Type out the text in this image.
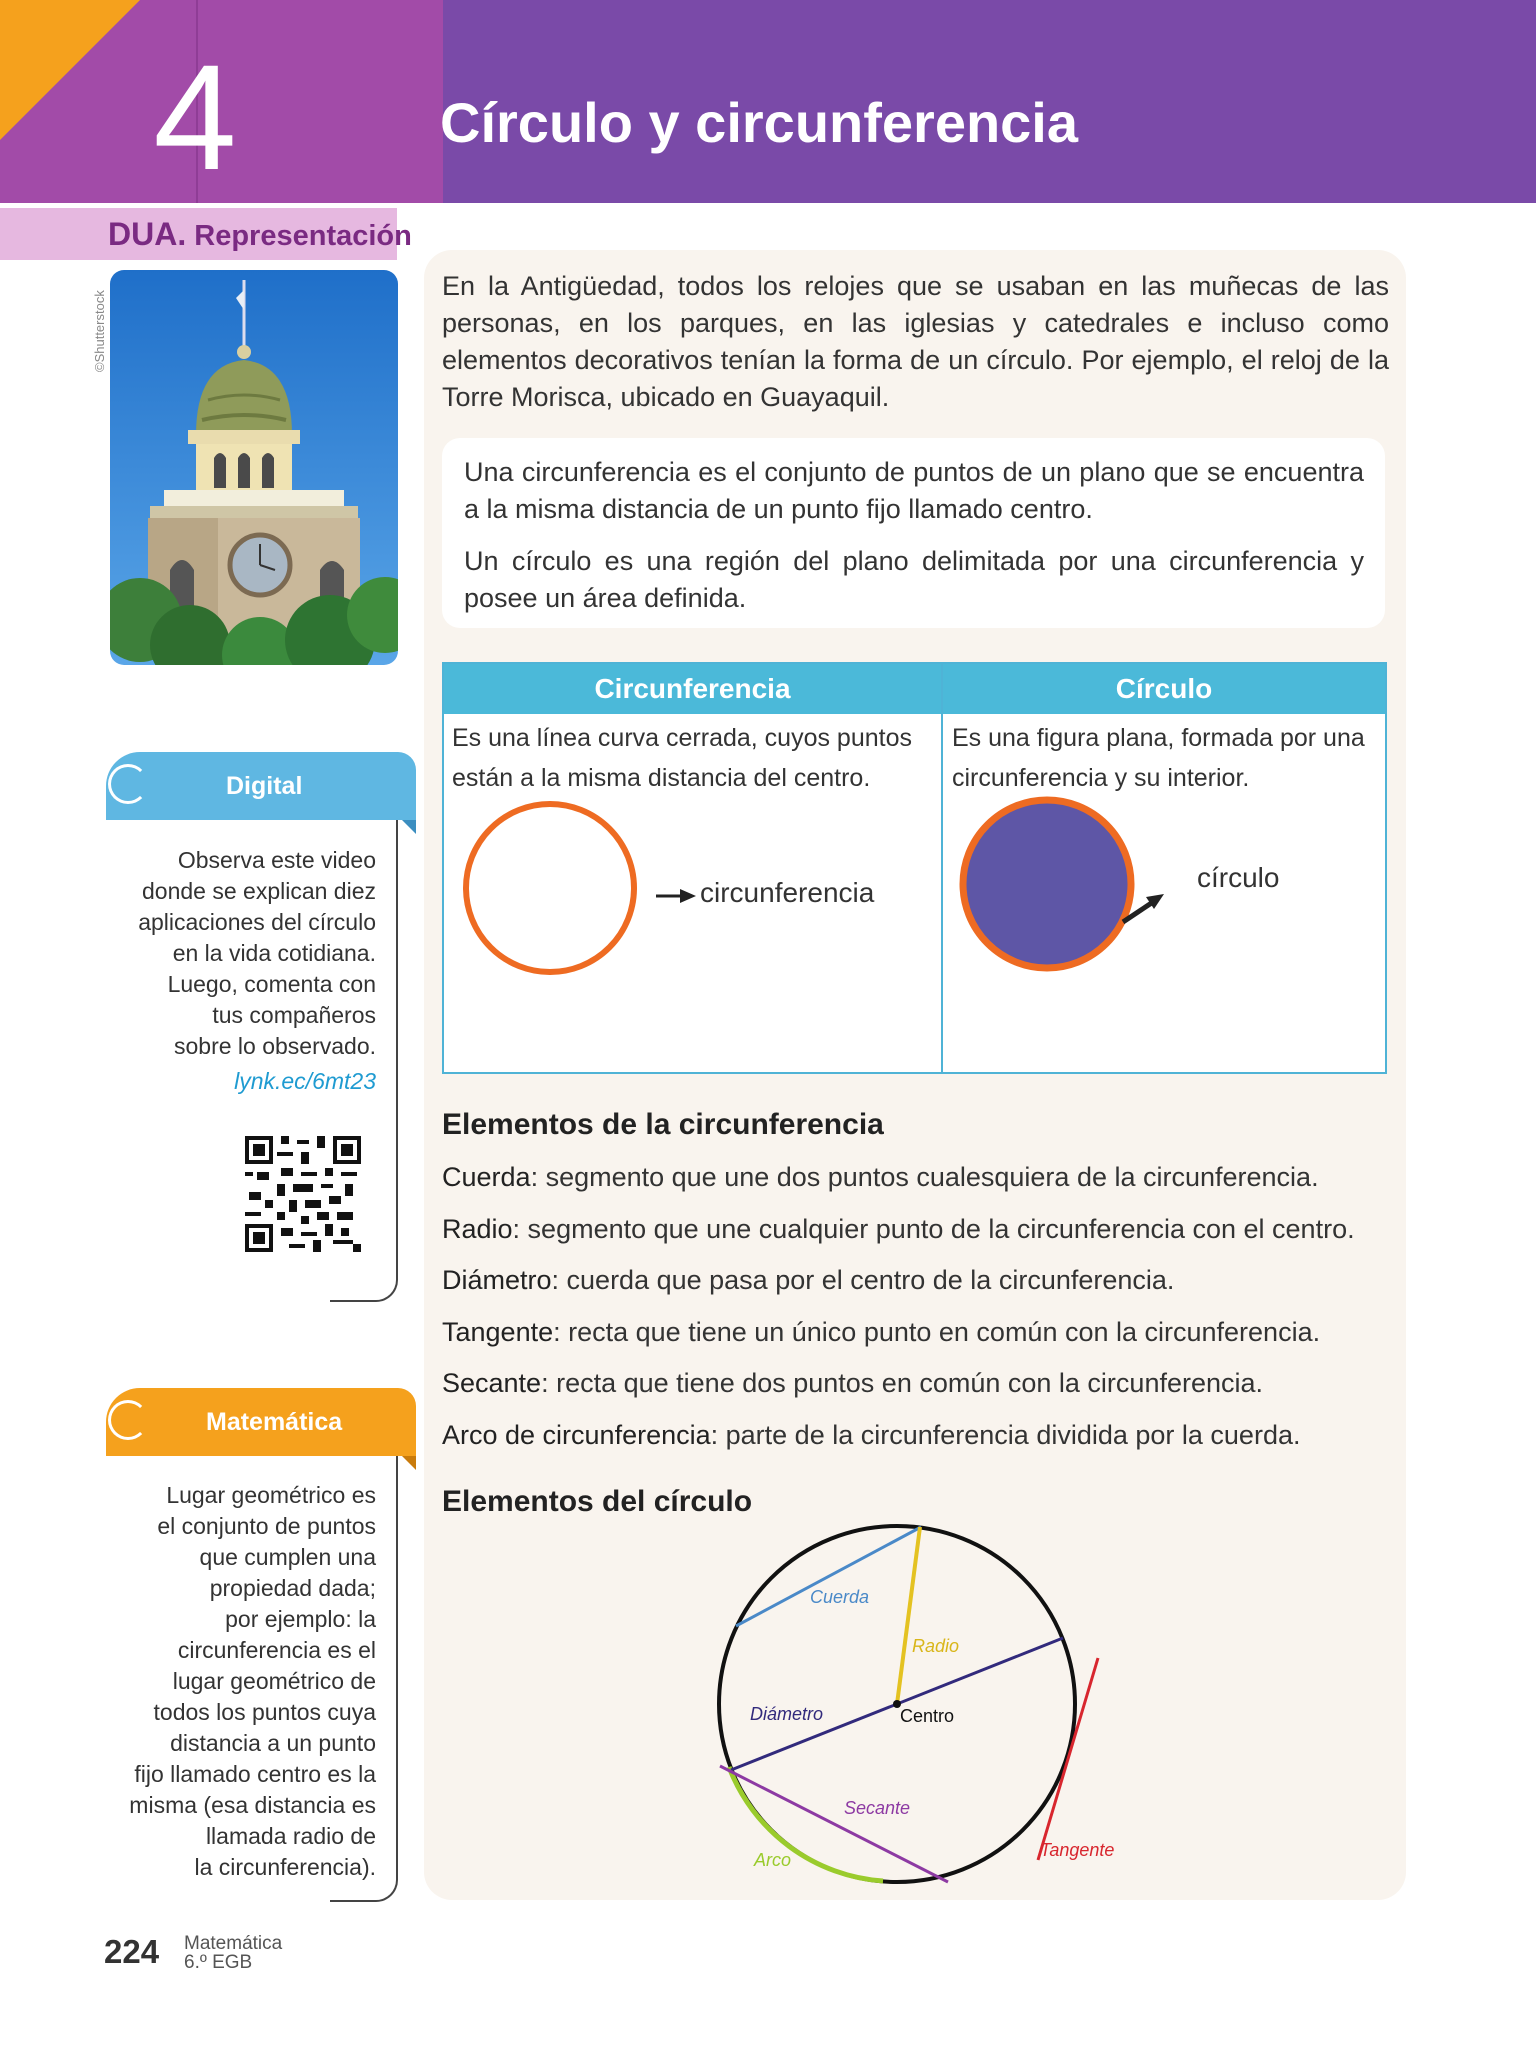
4	Círculo y circunferencia
DUA. Representación
©Shutterstock
Digital
Observa este video
donde se explican diez
aplicaciones del círculo
en la vida cotidiana.
Luego, comenta con
tus compañeros
sobre lo observado.
lynk.ec/6mt23
Matemática
Lugar geométrico es
el conjunto de puntos
que cumplen una
propiedad dada;
por ejemplo: la
circunferencia es el
lugar geométrico de
todos los puntos cuya
distancia a un punto
fijo llamado centro es la
misma (esa distancia es
llamada radio de
la circunferencia).
En la Antigüedad, todos los relojes que se usaban en las muñecas de las personas, en los parques, en las iglesias y catedrales e incluso como elementos decorativos tenían la forma de un círculo. Por ejemplo, el reloj de la Torre Morisca, ubicado en Guayaquil.
Una circunferencia es el conjunto de puntos de un plano que se encuentra a la misma distancia de un punto fijo llamado centro.
Un círculo es una región del plano delimitada por una circunferencia y posee un área definida.
Circunferencia	Círculo
Es una línea curva cerrada, cuyos puntos están a la misma distancia del centro.
Es una figura plana, formada por una circunferencia y su interior.
circunferencia	círculo
Elementos de la circunferencia
Cuerda: segmento que une dos puntos cualesquiera de la circunferencia.
Radio: segmento que une cualquier punto de la circunferencia con el centro.
Diámetro: cuerda que pasa por el centro de la circunferencia.
Tangente: recta que tiene un único punto en común con la circunferencia.
Secante: recta que tiene dos puntos en común con la circunferencia.
Arco de circunferencia: parte de la circunferencia dividida por la cuerda.
Elementos del círculo
Cuerda
Radio
Diámetro	Centro
Secante
Arco	Tangente
224 Matemática
6.º EGB
